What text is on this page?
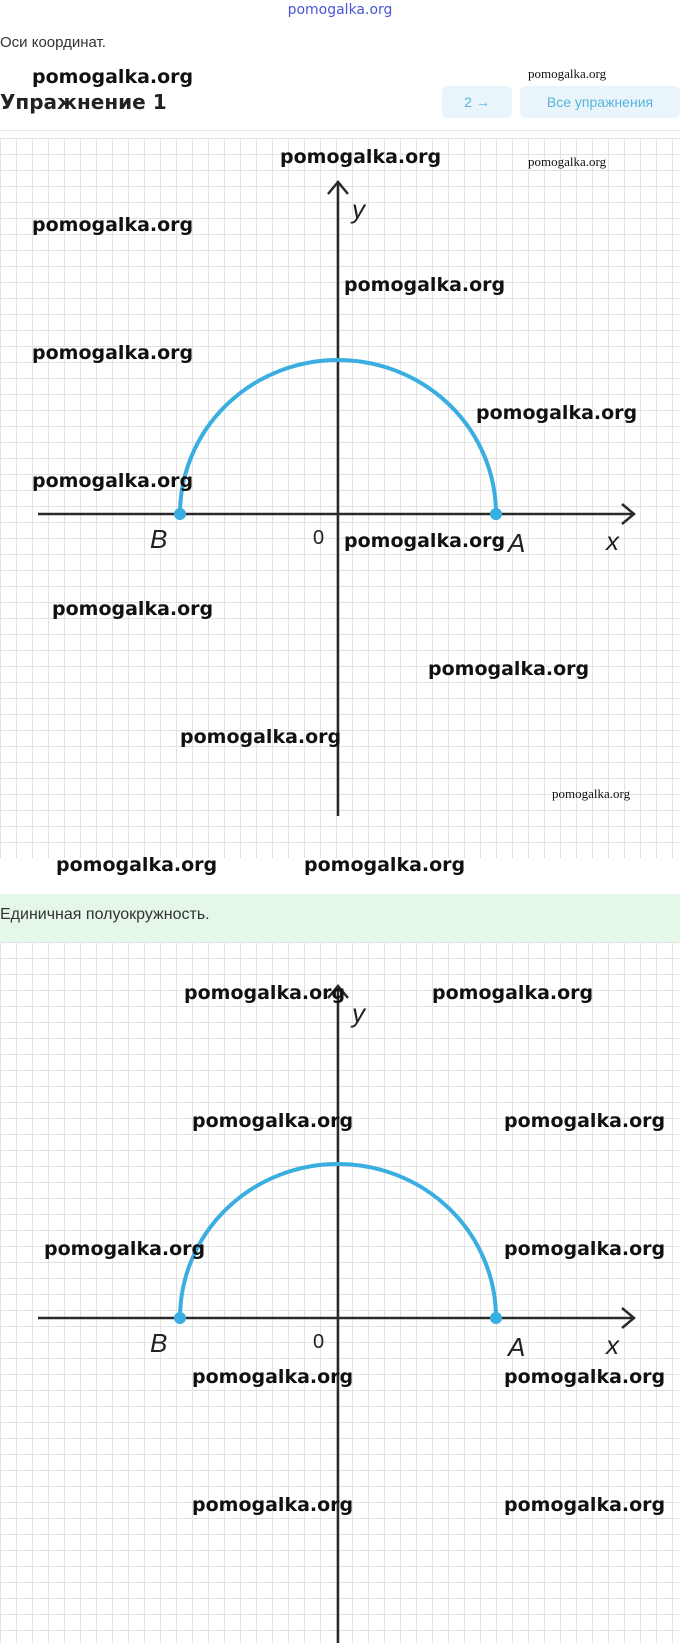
pomogalka.org
Оси координат.
Упражнение 1	2 →	Все упражнения
y
x
0
B	A
Единичная полуокружность.
y
x
0
B	A
pomogalka.org	pomogalka.org
pomogalka.org	pomogalka.org
pomogalka.org
pomogalka.org
pomogalka.org
pomogalka.org
pomogalka.org
pomogalka.org
pomogalka.org
pomogalka.org
pomogalka.org
pomogalka.org
pomogalka.org	pomogalka.org
pomogalka.org	pomogalka.org
pomogalka.org	pomogalka.org
pomogalka.org	pomogalka.org
pomogalka.org	pomogalka.org
pomogalka.org	pomogalka.org
